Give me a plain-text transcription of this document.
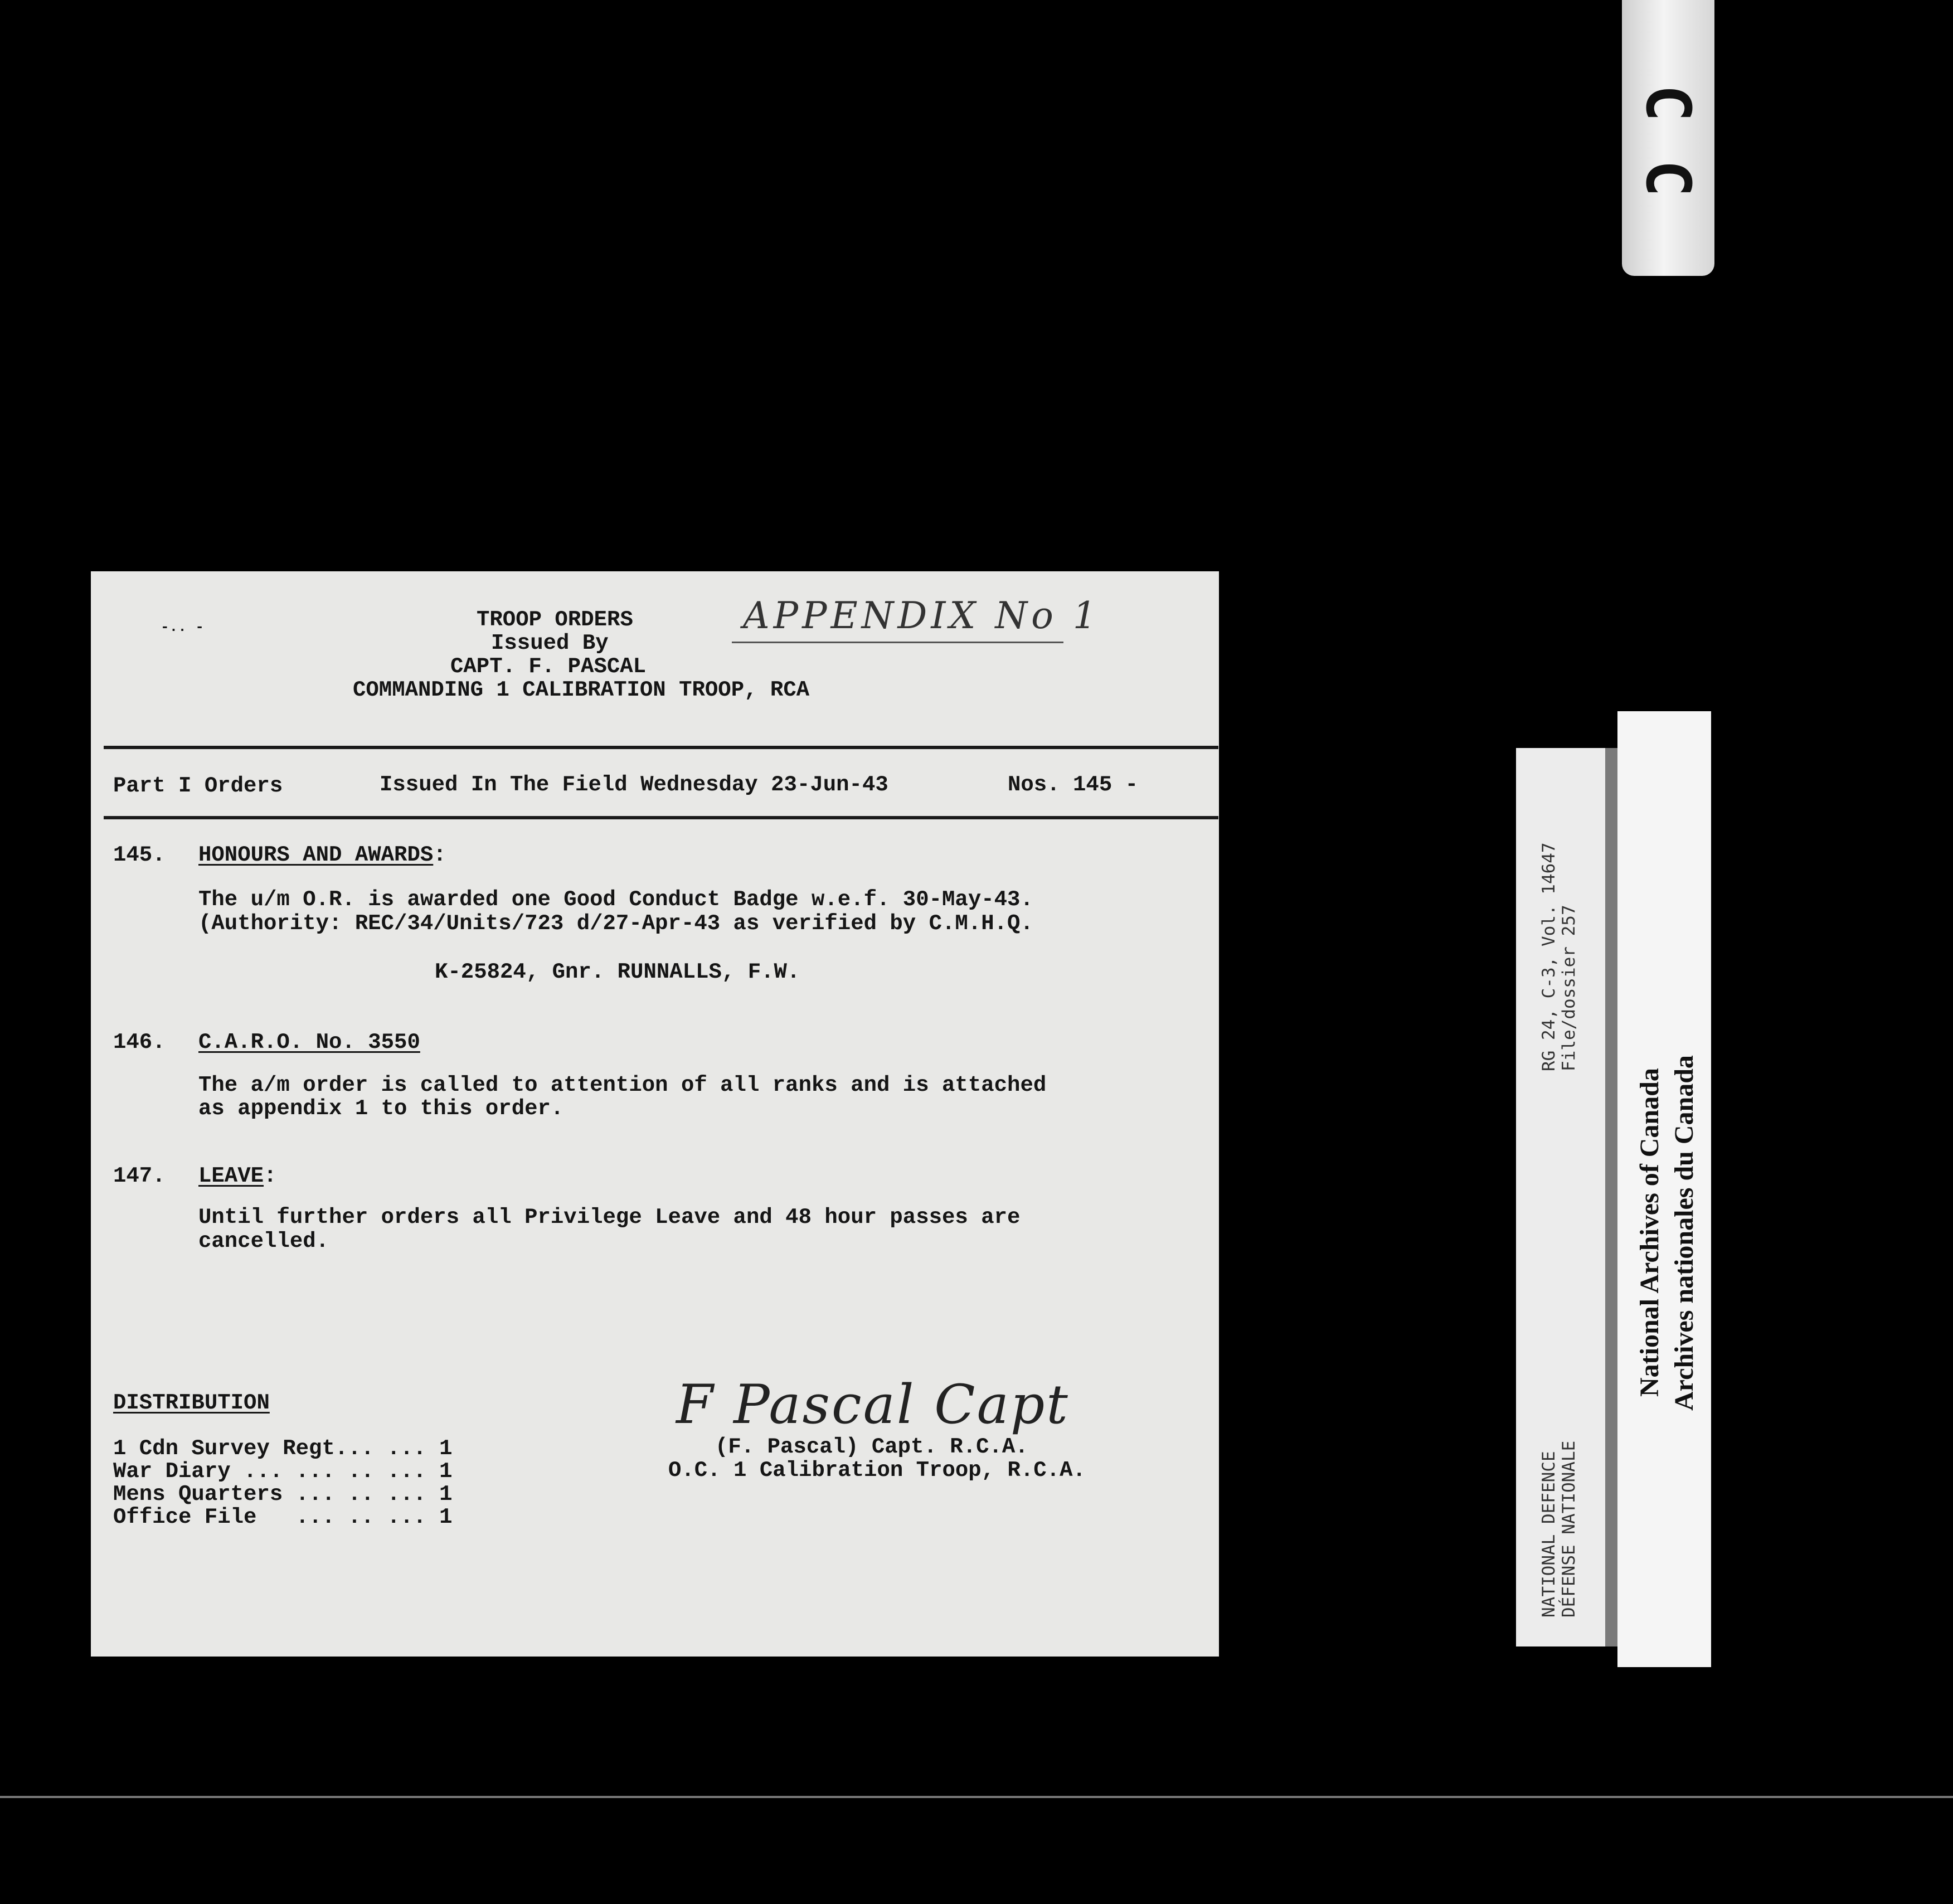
C
C
-.. -	TROOP ORDERS
Issued By
CAPT. F. PASCAL
COMMANDING 1 CALIBRATION TROOP, RCA
APPENDIX No 1
Part I Orders	Issued In The Field Wednesday 23-Jun-43	Nos. 145 -
145. HONOURS AND AWARDS:
The u/m O.R. is awarded one Good Conduct Badge w.e.f. 30-May-43.
(Authority: REC/34/Units/723 d/27-Apr-43 as verified by C.M.H.Q.
K-25824, Gnr. RUNNALLS, F.W.
146. C.A.R.O. No. 3550
The a/m order is called to attention of all ranks and is attached
as appendix 1 to this order.
147. LEAVE:
Until further orders all Privilege Leave and 48 hour passes are
cancelled.
DISTRIBUTION
1 Cdn Survey Regt... ... 1
War Diary ... ... .. ... 1
Mens Quarters ... .. ... 1
Office File   ... .. ... 1
F Pascal Capt
(F. Pascal) Capt. R.C.A.
O.C. 1 Calibration Troop, R.C.A.	NATIONAL DEFENCE DÉFENSE NATIONALE
RG 24, C-3, Vol. 14647 File/dossier 257
National Archives of Canada Archives nationales du Canada
